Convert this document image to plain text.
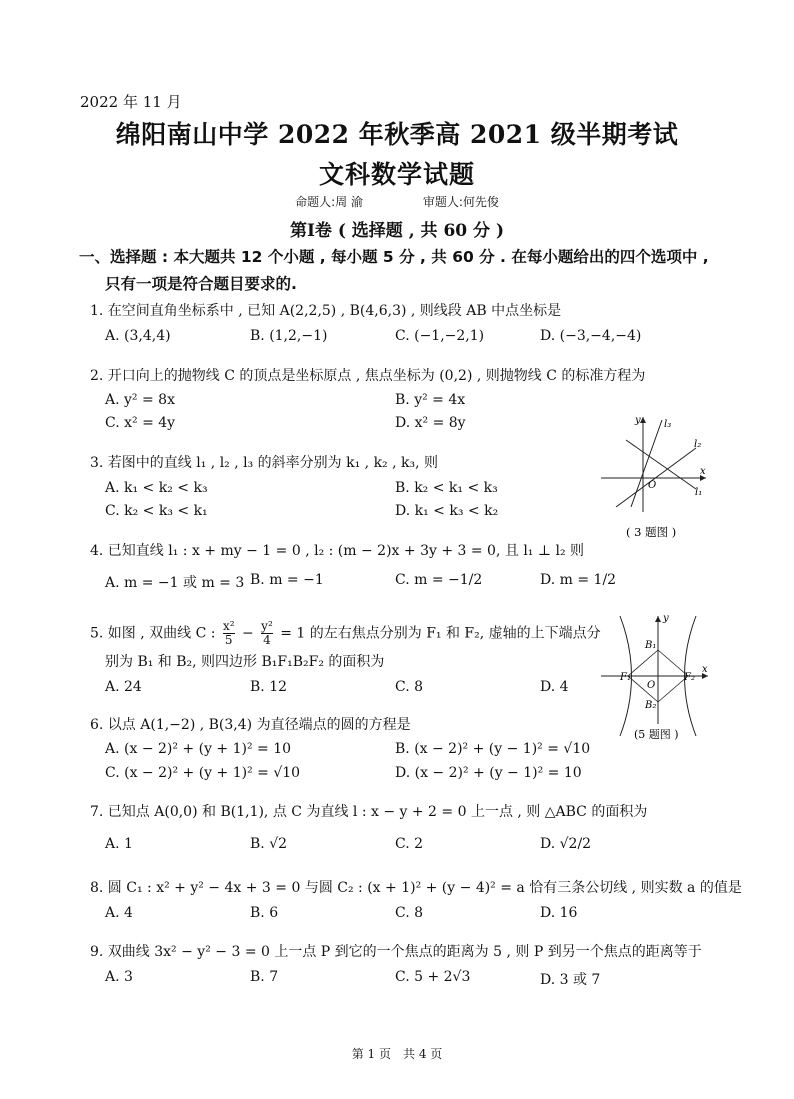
2022 年 11 月
绵阳南山中学 2022 年秋季高 2021 级半期考试
文科数学试题
命题人:周 渝	审题人:何先俊
第Ⅰ卷 ( 选择题 , 共 60 分 )
一、选择题 : 本大题共 12 个小题 , 每小题 5 分 , 共 60 分 . 在每小题给出的四个选项中 ,
只有一项是符合题目要求的.
1. 在空间直角坐标系中 , 已知 A(2,2,5) , B(4,6,3) , 则线段 AB 中点坐标是
A. (3,4,4)	B. (1,2,−1)	C. (−1,−2,1)	D. (−3,−4,−4)
2. 开口向上的抛物线 C 的顶点是坐标原点 , 焦点坐标为 (0,2) , 则抛物线 C 的标准方程为
A. y² = 8x	B. y² = 4x
C. x² = 4y	D. x² = 8y
3. 若图中的直线 l₁ , l₂ , l₃ 的斜率分别为 k₁ , k₂ , k₃, 则
A. k₁ < k₂ < k₃	B. k₂ < k₁ < k₃
C. k₂ < k₃ < k₁	D. k₁ < k₃ < k₂
y l₃
l₂
x
O
l₁
( 3 题图 )
4. 已知直线 l₁ : x + my − 1 = 0 , l₂ : (m − 2)x + 3y + 3 = 0, 且 l₁ ⊥ l₂ 则
A. m = −1 或 m = 3 B. m = −1	C. m = −1/2	D. m = 1/2
5. 如图 , 双曲线 C : $\frac{\text{x²}}{5} - \frac{\text{y²}}{4} = 1$ 的左右焦点分别为 F₁ 和 F₂, 虚轴的上下端点分
别为 B₁ 和 B₂, 则四边形 B₁F₁B₂F₂ 的面积为
A. 24	B. 12	C. 8	D. 4
y
B₁
F₁
O
F₂
x
B₂
(5 题图 )
6. 以点 A(1,−2) , B(3,4) 为直径端点的圆的方程是
A. (x − 2)² + (y + 1)² = 10	B. (x − 2)² + (y − 1)² = √10
C. (x − 2)² + (y + 1)² = √10	D. (x − 2)² + (y − 1)² = 10
7. 已知点 A(0,0) 和 B(1,1), 点 C 为直线 l : x − y + 2 = 0 上一点 , 则 △ABC 的面积为
A. 1	B. √2	C. 2	D. √2/2
8. 圆 C₁ : x² + y² − 4x + 3 = 0 与圆 C₂ : (x + 1)² + (y − 4)² = a 恰有三条公切线 , 则实数 a 的值是
A. 4	B. 6	C. 8	D. 16
9. 双曲线 3x² − y² − 3 = 0 上一点 P 到它的一个焦点的距离为 5 , 则 P 到另一个焦点的距离等于
A. 3	B. 7	C. 5 + 2√3	D. 3 或 7
第 1 页　共 4 页
